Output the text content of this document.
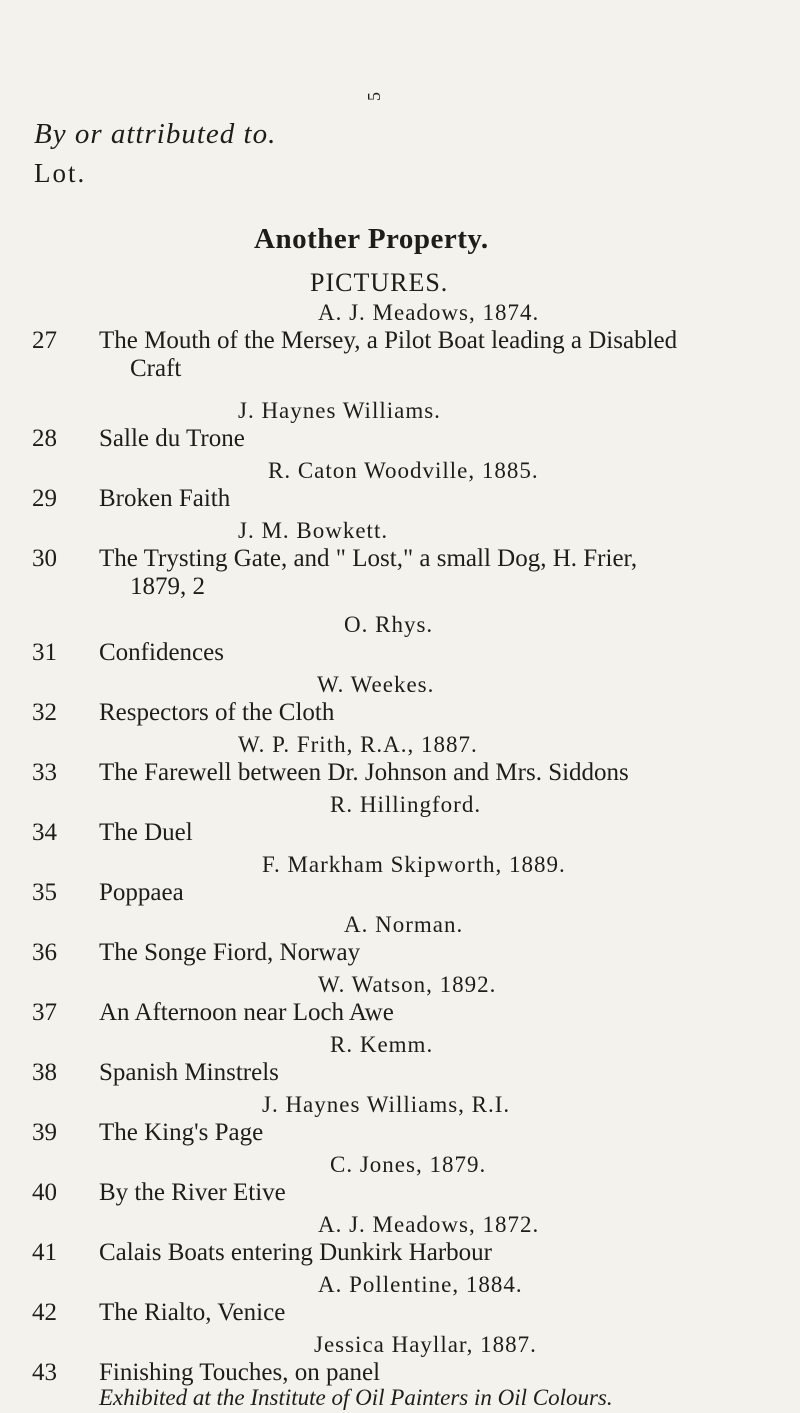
5
By or attributed to.
Lot.
Another Property.
PICTURES.
A. J. Meadows, 1874.
27 The Mouth of the Mersey, a Pilot Boat leading a Disabled
Craft
J. Haynes Williams.
28 Salle du Trone
R. Caton Woodville, 1885.
29 Broken Faith
J. M. Bowkett.
30 The Trysting Gate, and " Lost," a small Dog, H. Frier,
1879, 2
O. Rhys.
31 Confidences
W. Weekes.
32 Respectors of the Cloth
W. P. Frith, R.A., 1887.
33 The Farewell between Dr. Johnson and Mrs. Siddons
R. Hillingford.
34 The Duel
F. Markham Skipworth, 1889.
35 Poppaea
A. Norman.
36 The Songe Fiord, Norway
W. Watson, 1892.
37 An Afternoon near Loch Awe
R. Kemm.
38 Spanish Minstrels
J. Haynes Williams, R.I.
39 The King's Page
C. Jones, 1879.
40 By the River Etive
A. J. Meadows, 1872.
41 Calais Boats entering Dunkirk Harbour
A. Pollentine, 1884.
42 The Rialto, Venice
Jessica Hayllar, 1887.
43 Finishing Touches, on panel
Exhibited at the Institute of Oil Painters in Oil Colours.
